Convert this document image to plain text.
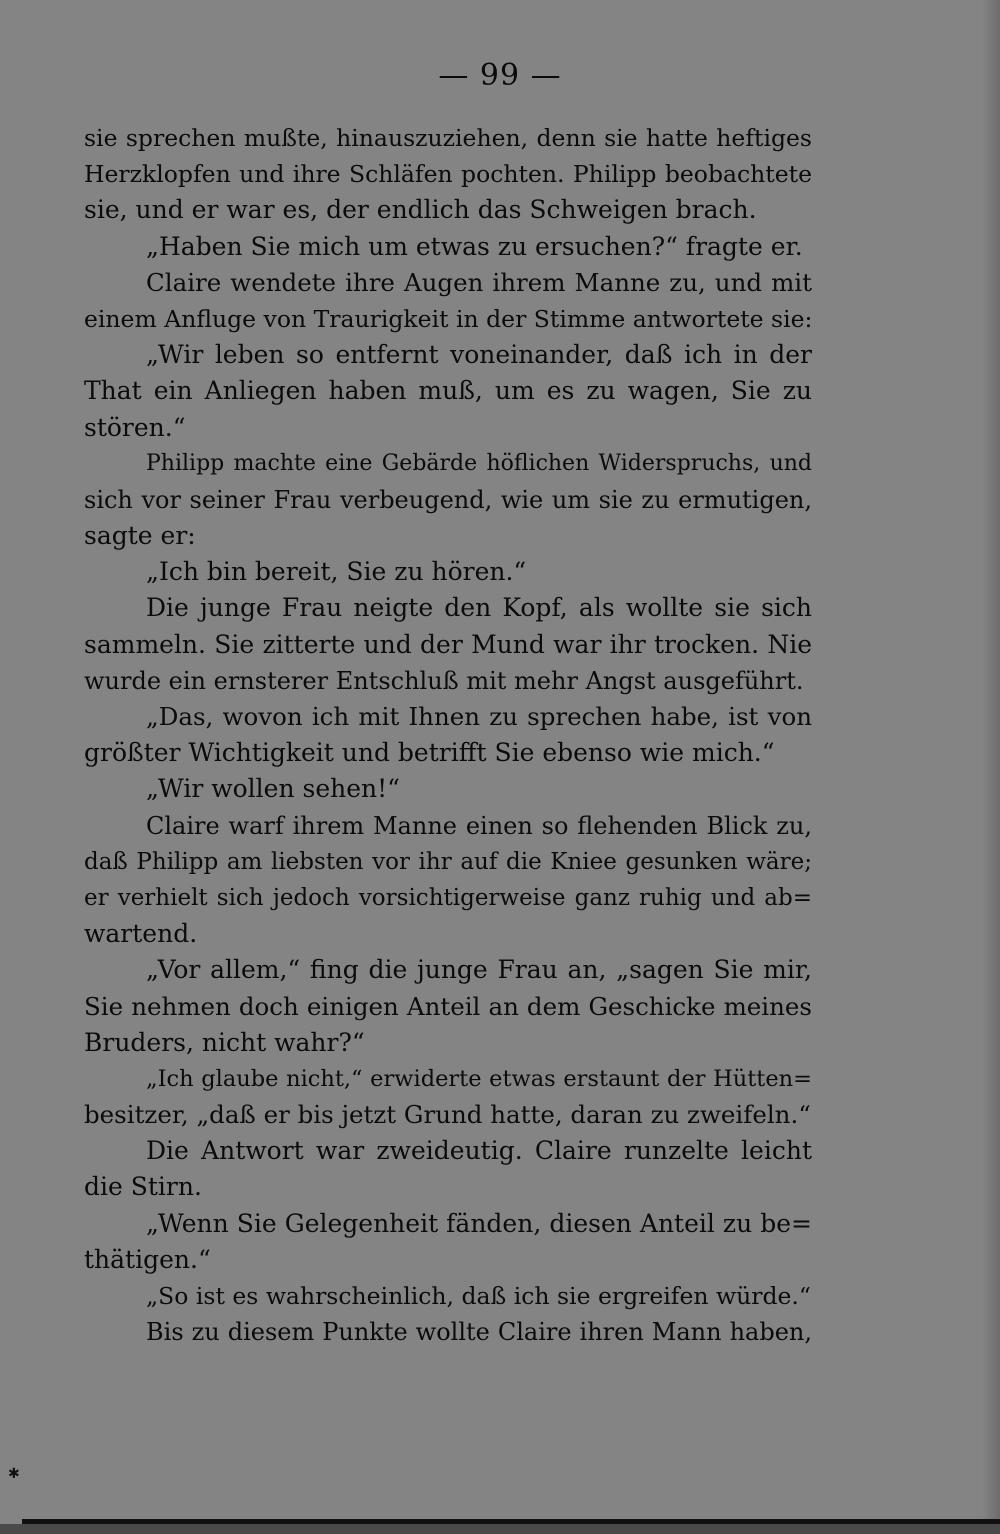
— 99 —
sie sprechen mußte, hinauszuziehen, denn sie hatte heftiges
Herzklopfen und ihre Schläfen pochten. Philipp beobachtete
sie, und er war es, der endlich das Schweigen brach.
„Haben Sie mich um etwas zu ersuchen?“ fragte er.
Claire wendete ihre Augen ihrem Manne zu, und mit
einem Anfluge von Traurigkeit in der Stimme antwortete sie:
„Wir leben so entfernt voneinander, daß ich in der
That ein Anliegen haben muß, um es zu wagen, Sie zu
stören.“
Philipp machte eine Gebärde höflichen Widerspruchs, und
sich vor seiner Frau verbeugend, wie um sie zu ermutigen,
sagte er:
„Ich bin bereit, Sie zu hören.“
Die junge Frau neigte den Kopf, als wollte sie sich
sammeln. Sie zitterte und der Mund war ihr trocken. Nie
wurde ein ernsterer Entschluß mit mehr Angst ausgeführt.
„Das, wovon ich mit Ihnen zu sprechen habe, ist von
größter Wichtigkeit und betrifft Sie ebenso wie mich.“
„Wir wollen sehen!“
Claire warf ihrem Manne einen so flehenden Blick zu,
daß Philipp am liebsten vor ihr auf die Kniee gesunken wäre;
er verhielt sich jedoch vorsichtigerweise ganz ruhig und ab=
wartend.
„Vor allem,“ fing die junge Frau an, „sagen Sie mir,
Sie nehmen doch einigen Anteil an dem Geschicke meines
Bruders, nicht wahr?“
„Ich glaube nicht,“ erwiderte etwas erstaunt der Hütten=
besitzer, „daß er bis jetzt Grund hatte, daran zu zweifeln.“
Die Antwort war zweideutig. Claire runzelte leicht
die Stirn.
„Wenn Sie Gelegenheit fänden, diesen Anteil zu be=
thätigen.“
„So ist es wahrscheinlich, daß ich sie ergreifen würde.“
Bis zu diesem Punkte wollte Claire ihren Mann haben,
✱
